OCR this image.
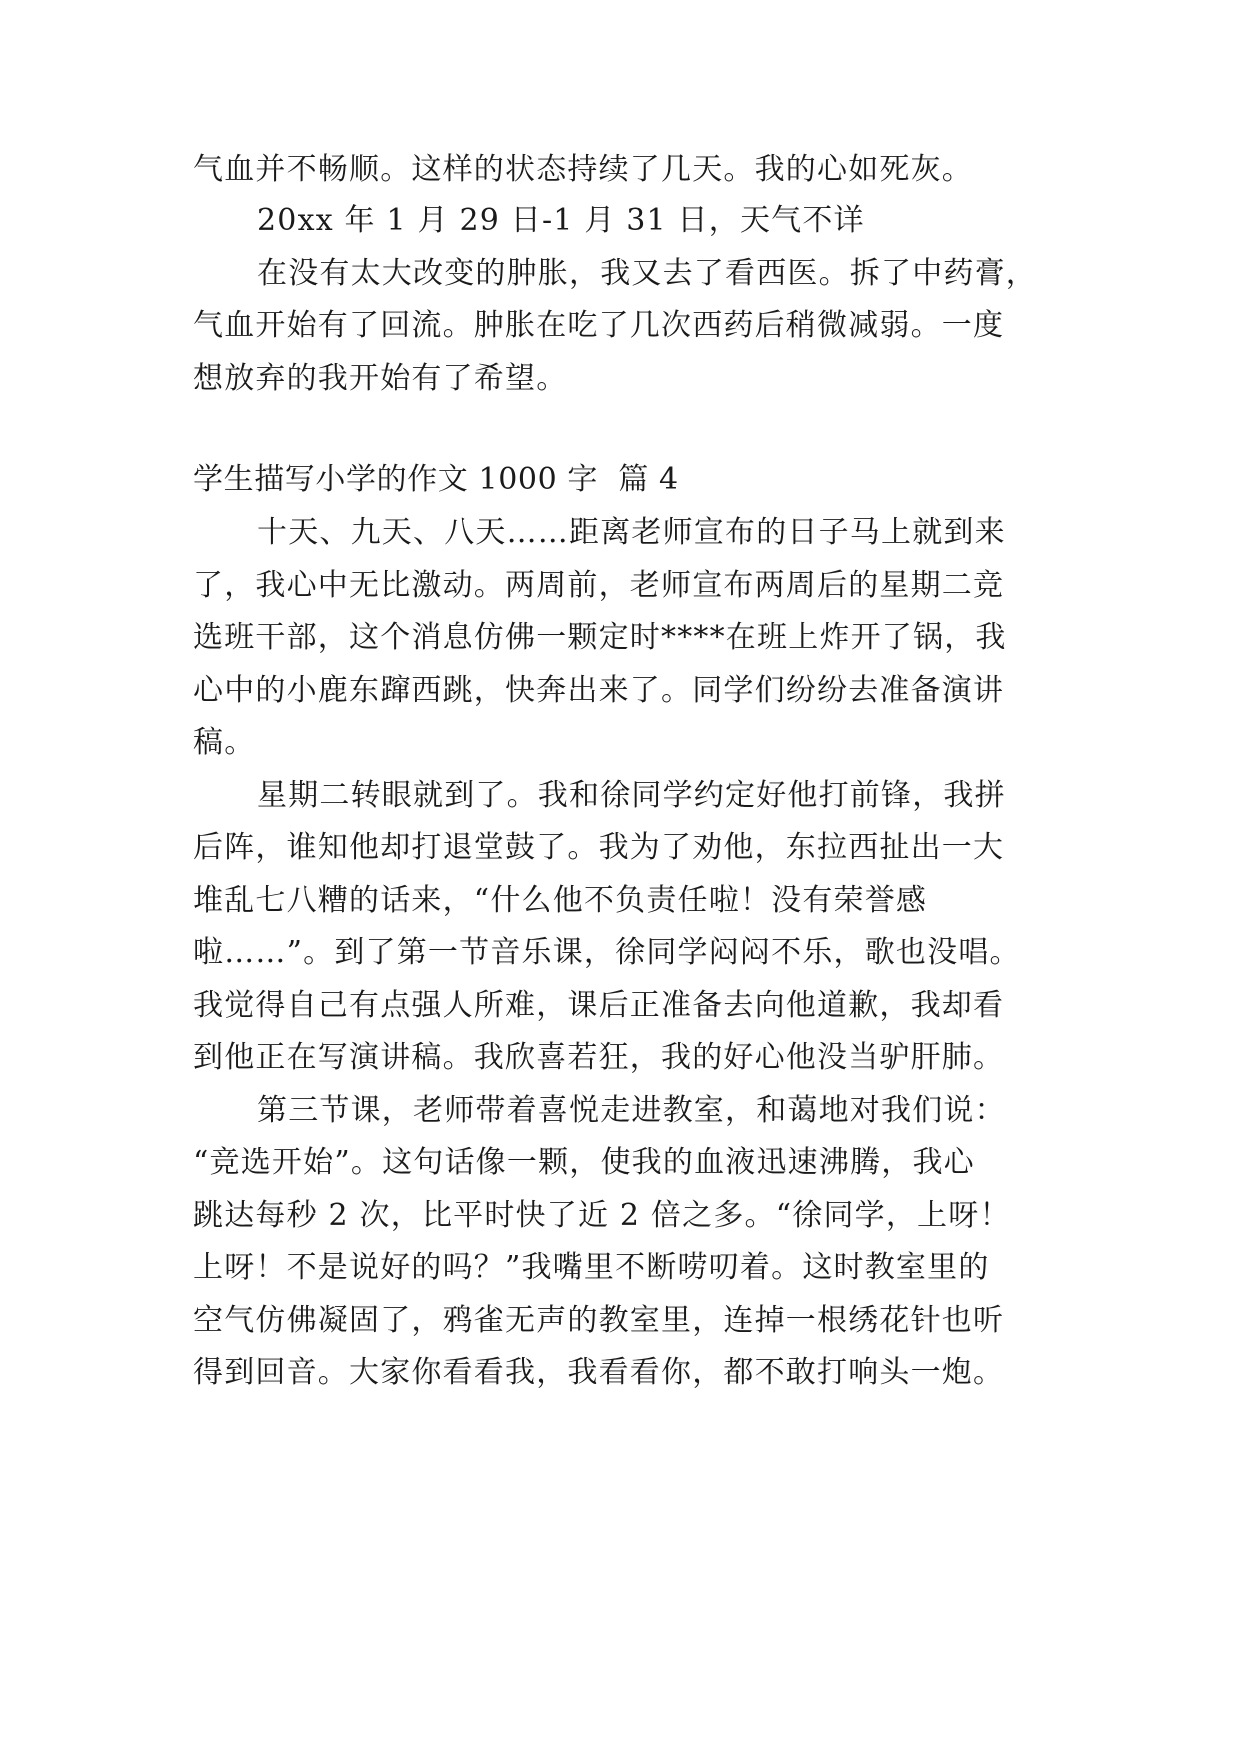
气血并不畅顺。这样的状态持续了几天。我的心如死灰。
20xx 年 1 月 29 日-1 月 31 日，天气不详
在没有太大改变的肿胀，我又去了看西医。拆了中药膏，
气血开始有了回流。肿胀在吃了几次西药后稍微减弱。一度
想放弃的我开始有了希望。
学生描写小学的作文 1000 字  篇 4
十天、九天、八天……距离老师宣布的日子马上就到来
了，我心中无比激动。两周前，老师宣布两周后的星期二竞
选班干部，这个消息仿佛一颗定时****在班上炸开了锅，我
心中的小鹿东蹿西跳，快奔出来了。同学们纷纷去准备演讲
稿。
星期二转眼就到了。我和徐同学约定好他打前锋，我拼
后阵，谁知他却打退堂鼓了。我为了劝他，东拉西扯出一大
堆乱七八糟的话来，“什么他不负责任啦！没有荣誉感
啦……”。到了第一节音乐课，徐同学闷闷不乐，歌也没唱。
我觉得自己有点强人所难，课后正准备去向他道歉，我却看
到他正在写演讲稿。我欣喜若狂，我的好心他没当驴肝肺。
第三节课，老师带着喜悦走进教室，和蔼地对我们说：
“竞选开始”。这句话像一颗，使我的血液迅速沸腾，我心
跳达每秒 2 次，比平时快了近 2 倍之多。“徐同学，上呀！
上呀！不是说好的吗？”我嘴里不断唠叨着。这时教室里的
空气仿佛凝固了，鸦雀无声的教室里，连掉一根绣花针也听
得到回音。大家你看看我，我看看你，都不敢打响头一炮。
